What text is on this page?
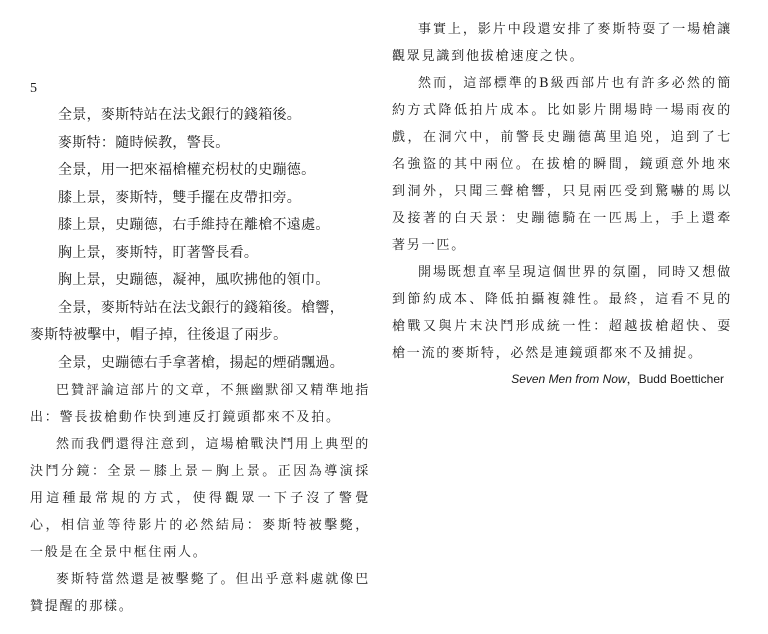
5

全景，麥斯特站在法戈銀行的錢箱後。

麥斯特：隨時候教，警長。

全景，用一把來福槍權充枴杖的史蹦德。

膝上景，麥斯特，雙手擺在皮帶扣旁。

膝上景，史蹦德，右手維持在離槍不遠處。

胸上景，麥斯特，盯著警長看。

胸上景，史蹦德，凝神，風吹拂他的領巾。

全景，麥斯特站在法戈銀行的錢箱後。槍響，

麥斯特被擊中，帽子掉，往後退了兩步。

全景，史蹦德右手拿著槍，揚起的煙硝飄過。

巴贊評論這部片的文章，不無幽默卻又精準地指出：警長拔槍動作快到連反打鏡頭都來不及拍。

然而我們還得注意到，這場槍戰決鬥用上典型的決鬥分鏡：全景－膝上景－胸上景。正因為導演採用這種最常規的方式，使得觀眾一下子沒了警覺心，相信並等待影片的必然結局：麥斯特被擊斃，一般是在全景中框住兩人。

麥斯特當然還是被擊斃了。但出乎意料處就像巴贊提醒的那樣。

事實上，影片中段還安排了麥斯特耍了一場槍讓觀眾見識到他拔槍速度之快。

然而，這部標準的B級西部片也有許多必然的簡約方式降低拍片成本。比如影片開場時一場雨夜的戲，在洞穴中，前警長史蹦德萬里追兇，追到了七名強盜的其中兩位。在拔槍的瞬間，鏡頭意外地來到洞外，只聞三聲槍響，只見兩匹受到驚嚇的馬以及接著的白天景：史蹦德騎在一匹馬上，手上還牽著另一匹。

開場既想直率呈現這個世界的氛圍，同時又想做到節約成本、降低拍攝複雜性。最終，這看不見的槍戰又與片末決鬥形成統一性：超越拔槍超快、耍槍一流的麥斯特，必然是連鏡頭都來不及捕捉。

Seven Men from Now，Budd Boetticher
